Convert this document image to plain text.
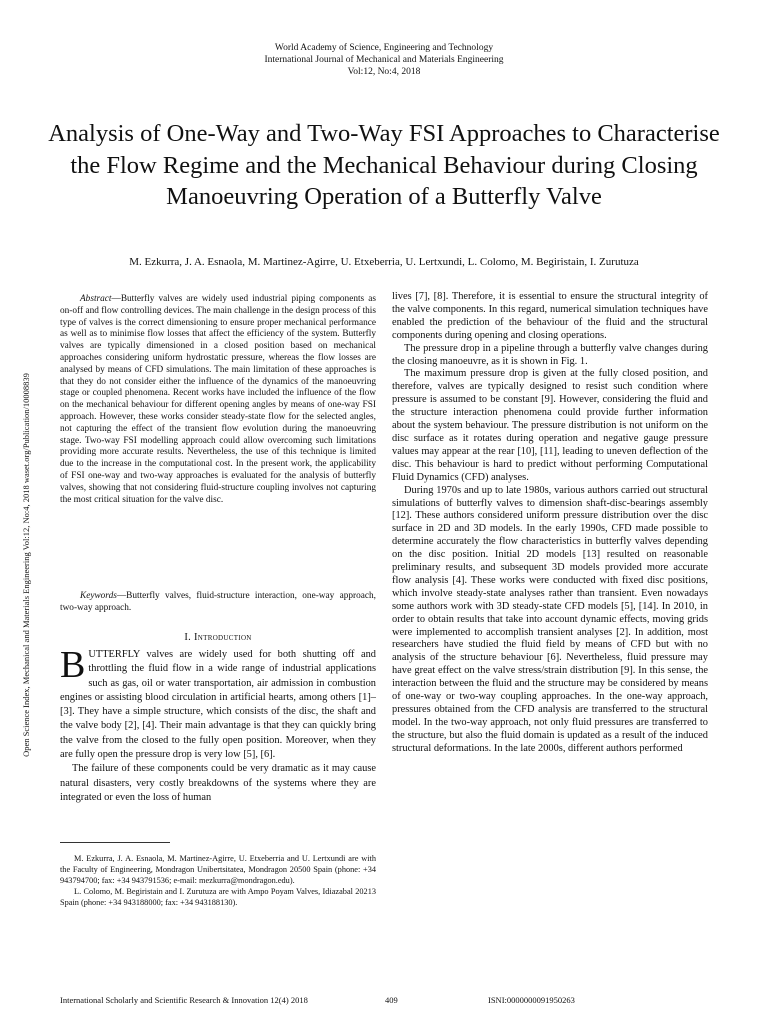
World Academy of Science, Engineering and Technology
International Journal of Mechanical and Materials Engineering
Vol:12, No:4, 2018
Analysis of One-Way and Two-Way FSI Approaches to Characterise the Flow Regime and the Mechanical Behaviour during Closing Manoeuvring Operation of a Butterfly Valve
M. Ezkurra, J. A. Esnaola, M. Martinez-Agirre, U. Etxeberria, U. Lertxundi, L. Colomo, M. Begiristain, I. Zurutuza
Open Science Index, Mechanical and Materials Engineering Vol:12, No:4, 2018 waset.org/Publication/10008839
Abstract—Butterfly valves are widely used industrial piping components as on-off and flow controlling devices. The main challenge in the design process of this type of valves is the correct dimensioning to ensure proper mechanical performance as well as to minimise flow losses that affect the efficiency of the system. Butterfly valves are typically dimensioned in a closed position based on mechanical approaches considering uniform hydrostatic pressure, whereas the flow losses are analysed by means of CFD simulations. The main limitation of these approaches is that they do not consider either the influence of the dynamics of the manoeuvring stage or coupled phenomena. Recent works have included the influence of the flow on the mechanical behaviour for different opening angles by means of one-way FSI approach. However, these works consider steady-state flow for the selected angles, not capturing the effect of the transient flow evolution during the manoeuvring stage. Two-way FSI modelling approach could allow overcoming such limitations providing more accurate results. Nevertheless, the use of this technique is limited due to the increase in the computational cost. In the present work, the applicability of FSI one-way and two-way approaches is evaluated for the analysis of butterfly valves, showing that not considering fluid-structure coupling involves not capturing the most critical situation for the valve disc.
Keywords—Butterfly valves, fluid-structure interaction, one-way approach, two-way approach.
I. Introduction

BUTTERFLY valves are widely used for both shutting off and throttling the fluid flow in a wide range of industrial applications such as gas, oil or water transportation, air admission in combustion engines or assisting blood circulation in artificial hearts, among others [1]–[3]. They have a simple structure, which consists of the disc, the shaft and the valve body [2], [4]. Their main advantage is that they can quickly bring the valve from the closed to the fully open position. Moreover, when they are fully open the pressure drop is very low [5], [6].

The failure of these components could be very dramatic as it may cause natural disasters, very costly breakdowns of the systems where they are integrated or even the loss of human

M. Ezkurra, J. A. Esnaola, M. Martinez-Agirre, U. Etxeberria and U. Lertxundi are with the Faculty of Engineering, Mondragon Unibertsitatea, Mondragon 20500 Spain (phone: +34 943794700; fax: +34 943791536; e-mail: mezkurra@mondragon.edu).

L. Colomo, M. Begiristain and I. Zurutuza are with Ampo Poyam Valves, Idiazabal 20213 Spain (phone: +34 943188000; fax: +34 943188130).

lives [7], [8]. Therefore, it is essential to ensure the structural integrity of the valve components. In this regard, numerical simulation techniques have enabled the prediction of the behaviour of the fluid and the structural components during opening and closing operations.

The pressure drop in a pipeline through a butterfly valve changes during the closing manoeuvre, as it is shown in Fig. 1.

The maximum pressure drop is given at the fully closed position, and therefore, valves are typically designed to resist such condition where pressure is assumed to be constant [9]. However, considering the fluid and the structure interaction phenomena could provide further information about the system behaviour. The pressure distribution is not uniform on the disc surface as it rotates during operation and negative gauge pressure values may appear at the rear [10], [11], leading to uneven deflection of the disc. This behaviour is hard to predict without performing Computational Fluid Dynamics (CFD) analyses.

During 1970s and up to late 1980s, various authors carried out structural simulations of butterfly valves to dimension shaft-disc-bearings assembly [12]. These authors considered uniform pressure distribution over the disc surface in 2D and 3D models. In the early 1990s, CFD made possible to determine accurately the flow characteristics in butterfly valves depending on the disc position. Initial 2D models [13] resulted on reasonable preliminary results, and subsequent 3D models provided more accurate flow analysis [4]. These works were conducted with fixed disc positions, which involve steady-state analyses rather than transient. Even nowadays some authors work with 3D steady-state CFD models [5], [14]. In 2010, in order to obtain results that take into account dynamic effects, moving grids were implemented to accomplish transient analyses [2]. In addition, most researchers have studied the fluid field by means of CFD but with no analysis of the structure behaviour [6]. Nevertheless, fluid pressure may have great effect on the valve stress/strain distribution [9]. In this sense, the interaction between the fluid and the structure may be considered by means of one-way or two-way coupling approaches. In the one-way approach, pressures obtained from the CFD analysis are transferred to the structural model. In the two-way approach, not only fluid pressures are transferred to the structure, but also the fluid domain is updated as a result of the induced structural deformations. In the late 2000s, different authors performed

International Scholarly and Scientific Research & Innovation 12(4) 2018	409	ISNI:0000000091950263
